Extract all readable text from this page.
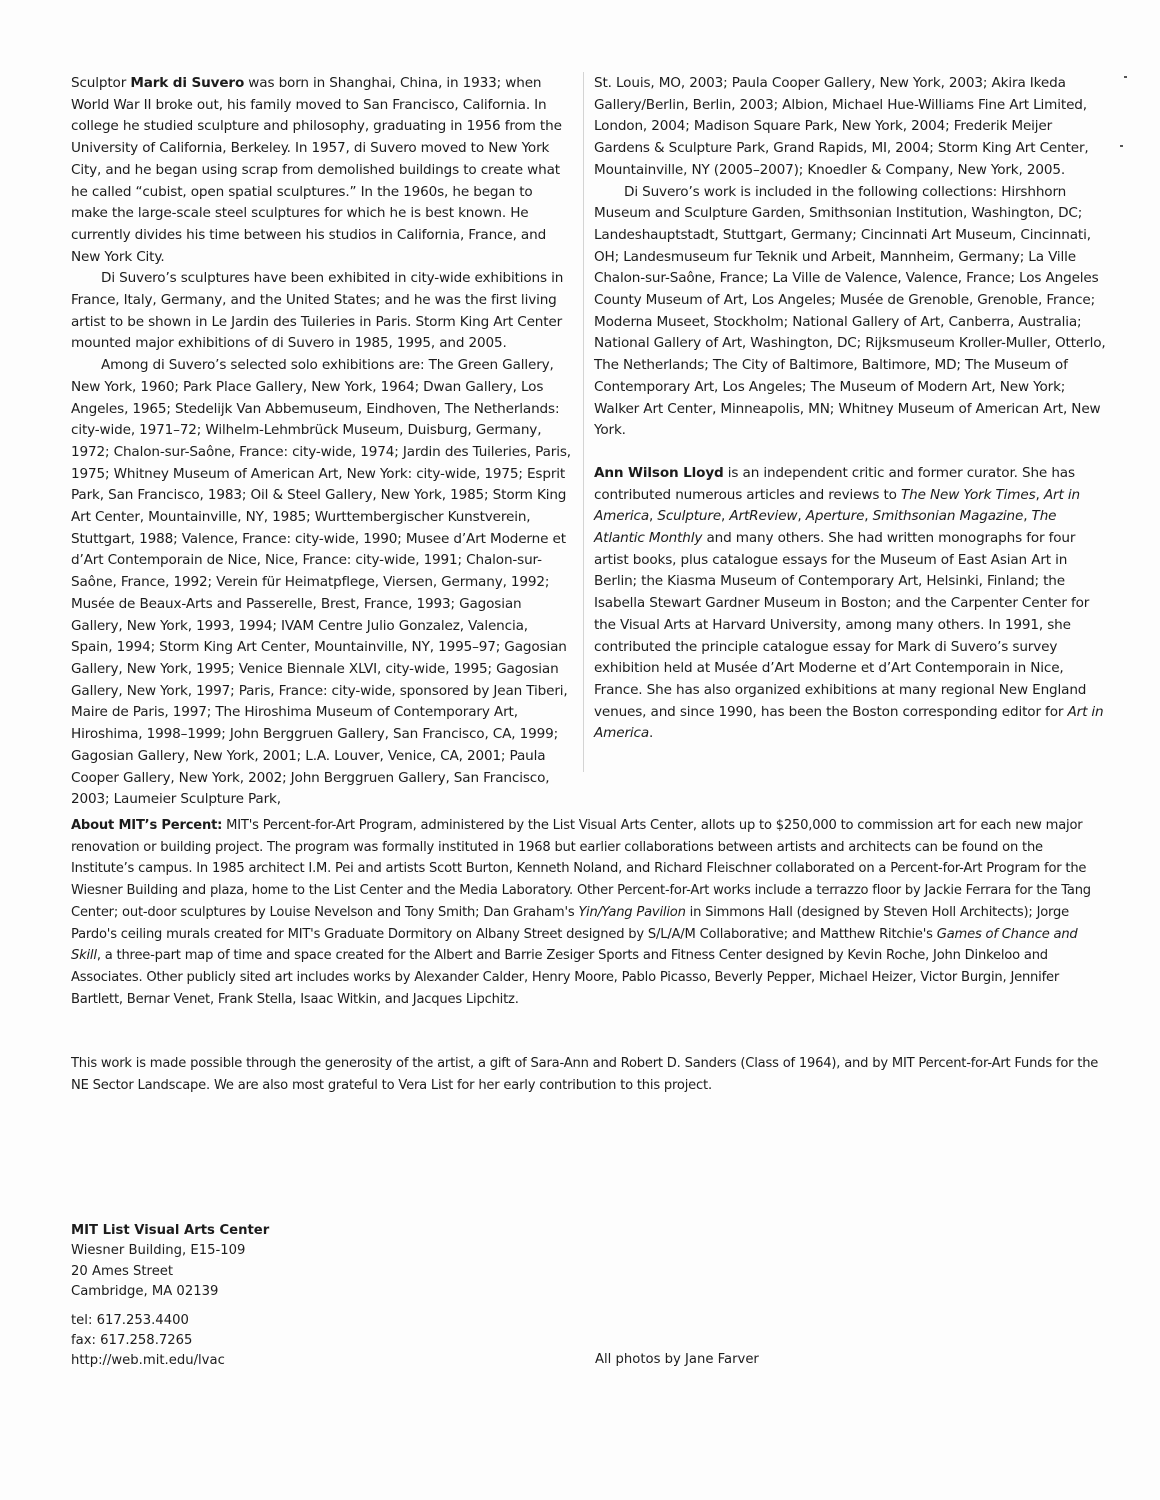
Sculptor Mark di Suvero was born in Shanghai, China, in 1933; when World War II broke out, his family moved to San Francisco, California. In college he studied sculpture and philosophy, graduating in 1956 from the University of California, Berkeley. In 1957, di Suvero moved to New York City, and he began using scrap from demolished buildings to create what he called “cubist, open spatial sculptures.” In the 1960s, he began to make the large-scale steel sculptures for which he is best known. He currently divides his time between his studios in California, France, and New York City.

Di Suvero’s sculptures have been exhibited in city-wide exhibitions in France, Italy, Germany, and the United States; and he was the first living artist to be shown in Le Jardin des Tuileries in Paris. Storm King Art Center mounted major exhibitions of di Suvero in 1985, 1995, and 2005.

Among di Suvero’s selected solo exhibitions are: The Green Gallery, New York, 1960; Park Place Gallery, New York, 1964; Dwan Gallery, Los Angeles, 1965; Stedelijk Van Abbemuseum, Eindhoven, The Netherlands: city-wide, 1971–72; Wilhelm-Lehmbrück Museum, Duisburg, Germany, 1972; Chalon-sur-Saône, France: city-wide, 1974; Jardin des Tuileries, Paris, 1975; Whitney Museum of American Art, New York: city-wide, 1975; Esprit Park, San Francisco, 1983; Oil & Steel Gallery, New York, 1985; Storm King Art Center, Mountainville, NY, 1985; Wurttembergischer Kunstverein, Stuttgart, 1988; Valence, France: city-wide, 1990; Musee d’Art Moderne et d’Art Contemporain de Nice, Nice, France: city-wide, 1991; Chalon-sur-Saône, France, 1992; Verein für Heimatpflege, Viersen, Germany, 1992; Musée de Beaux-Arts and Passerelle, Brest, France, 1993; Gagosian Gallery, New York, 1993, 1994; IVAM Centre Julio Gonzalez, Valencia, Spain, 1994; Storm King Art Center, Mountainville, NY, 1995–97; Gagosian Gallery, New York, 1995; Venice Biennale XLVI, city-wide, 1995; Gagosian Gallery, New York, 1997; Paris, France: city-wide, sponsored by Jean Tiberi, Maire de Paris, 1997; The Hiroshima Museum of Contemporary Art, Hiroshima, 1998–1999; John Berggruen Gallery, San Francisco, CA, 1999; Gagosian Gallery, New York, 2001; L.A. Louver, Venice, CA, 2001; Paula Cooper Gallery, New York, 2002; John Berggruen Gallery, San Francisco, 2003; Laumeier Sculpture Park,

St. Louis, MO, 2003; Paula Cooper Gallery, New York, 2003; Akira Ikeda Gallery/Berlin, Berlin, 2003; Albion, Michael Hue-Williams Fine Art Limited, London, 2004; Madison Square Park, New York, 2004; Frederik Meijer Gardens & Sculpture Park, Grand Rapids, MI, 2004; Storm King Art Center, Mountainville, NY (2005–2007); Knoedler & Company, New York, 2005.

Di Suvero’s work is included in the following collections: Hirshhorn Museum and Sculpture Garden, Smithsonian Institution, Washington, DC; Landeshauptstadt, Stuttgart, Germany; Cincinnati Art Museum, Cincinnati, OH; Landesmuseum fur Teknik und Arbeit, Mannheim, Germany; La Ville Chalon-sur-Saône, France; La Ville de Valence, Valence, France; Los Angeles County Museum of Art, Los Angeles; Musée de Grenoble, Grenoble, France; Moderna Museet, Stockholm; National Gallery of Art, Canberra, Australia; National Gallery of Art, Washington, DC; Rijksmuseum Kroller-Muller, Otterlo, The Netherlands; The City of Baltimore, Baltimore, MD; The Museum of Contemporary Art, Los Angeles; The Museum of Modern Art, New York; Walker Art Center, Minneapolis, MN; Whitney Museum of American Art, New York.

Ann Wilson Lloyd is an independent critic and former curator. She has contributed numerous articles and reviews to The New York Times, Art in America, Sculpture, ArtReview, Aperture, Smithsonian Magazine, The Atlantic Monthly and many others. She had written monographs for four artist books, plus catalogue essays for the Museum of East Asian Art in Berlin; the Kiasma Museum of Contemporary Art, Helsinki, Finland; the Isabella Stewart Gardner Museum in Boston; and the Carpenter Center for the Visual Arts at Harvard University, among many others. In 1991, she contributed the principle catalogue essay for Mark di Suvero’s survey exhibition held at Musée d’Art Moderne et d’Art Contemporain in Nice, France. She has also organized exhibitions at many regional New England venues, and since 1990, has been the Boston corresponding editor for Art in America.

About MIT’s Percent: MIT's Percent-for-Art Program, administered by the List Visual Arts Center, allots up to $250,000 to commission art for each new major renovation or building project. The program was formally instituted in 1968 but earlier collaborations between artists and architects can be found on the Institute’s campus. In 1985 architect I.M. Pei and artists Scott Burton, Kenneth Noland, and Richard Fleischner collaborated on a Percent-for-Art Program for the Wiesner Building and plaza, home to the List Center and the Media Laboratory. Other Percent-for-Art works include a terrazzo floor by Jackie Ferrara for the Tang Center; out-door sculptures by Louise Nevelson and Tony Smith; Dan Graham's Yin/Yang Pavilion in Simmons Hall (designed by Steven Holl Architects); Jorge Pardo's ceiling murals created for MIT's Graduate Dormitory on Albany Street designed by S/L/A/M Collaborative; and Matthew Ritchie's Games of Chance and Skill, a three-part map of time and space created for the Albert and Barrie Zesiger Sports and Fitness Center designed by Kevin Roche, John Dinkeloo and Associates. Other publicly sited art includes works by Alexander Calder, Henry Moore, Pablo Picasso, Beverly Pepper, Michael Heizer, Victor Burgin, Jennifer Bartlett, Bernar Venet, Frank Stella, Isaac Witkin, and Jacques Lipchitz.

This work is made possible through the generosity of the artist, a gift of Sara-Ann and Robert D. Sanders (Class of 1964), and by MIT Percent-for-Art Funds for the NE Sector Landscape. We are also most grateful to Vera List for her early contribution to this project.

MIT List Visual Arts Center
Wiesner Building, E15-109
20 Ames Street
Cambridge, MA 02139
tel: 617.253.4400
fax: 617.258.7265
http://web.mit.edu/lvac	All photos by Jane Farver
